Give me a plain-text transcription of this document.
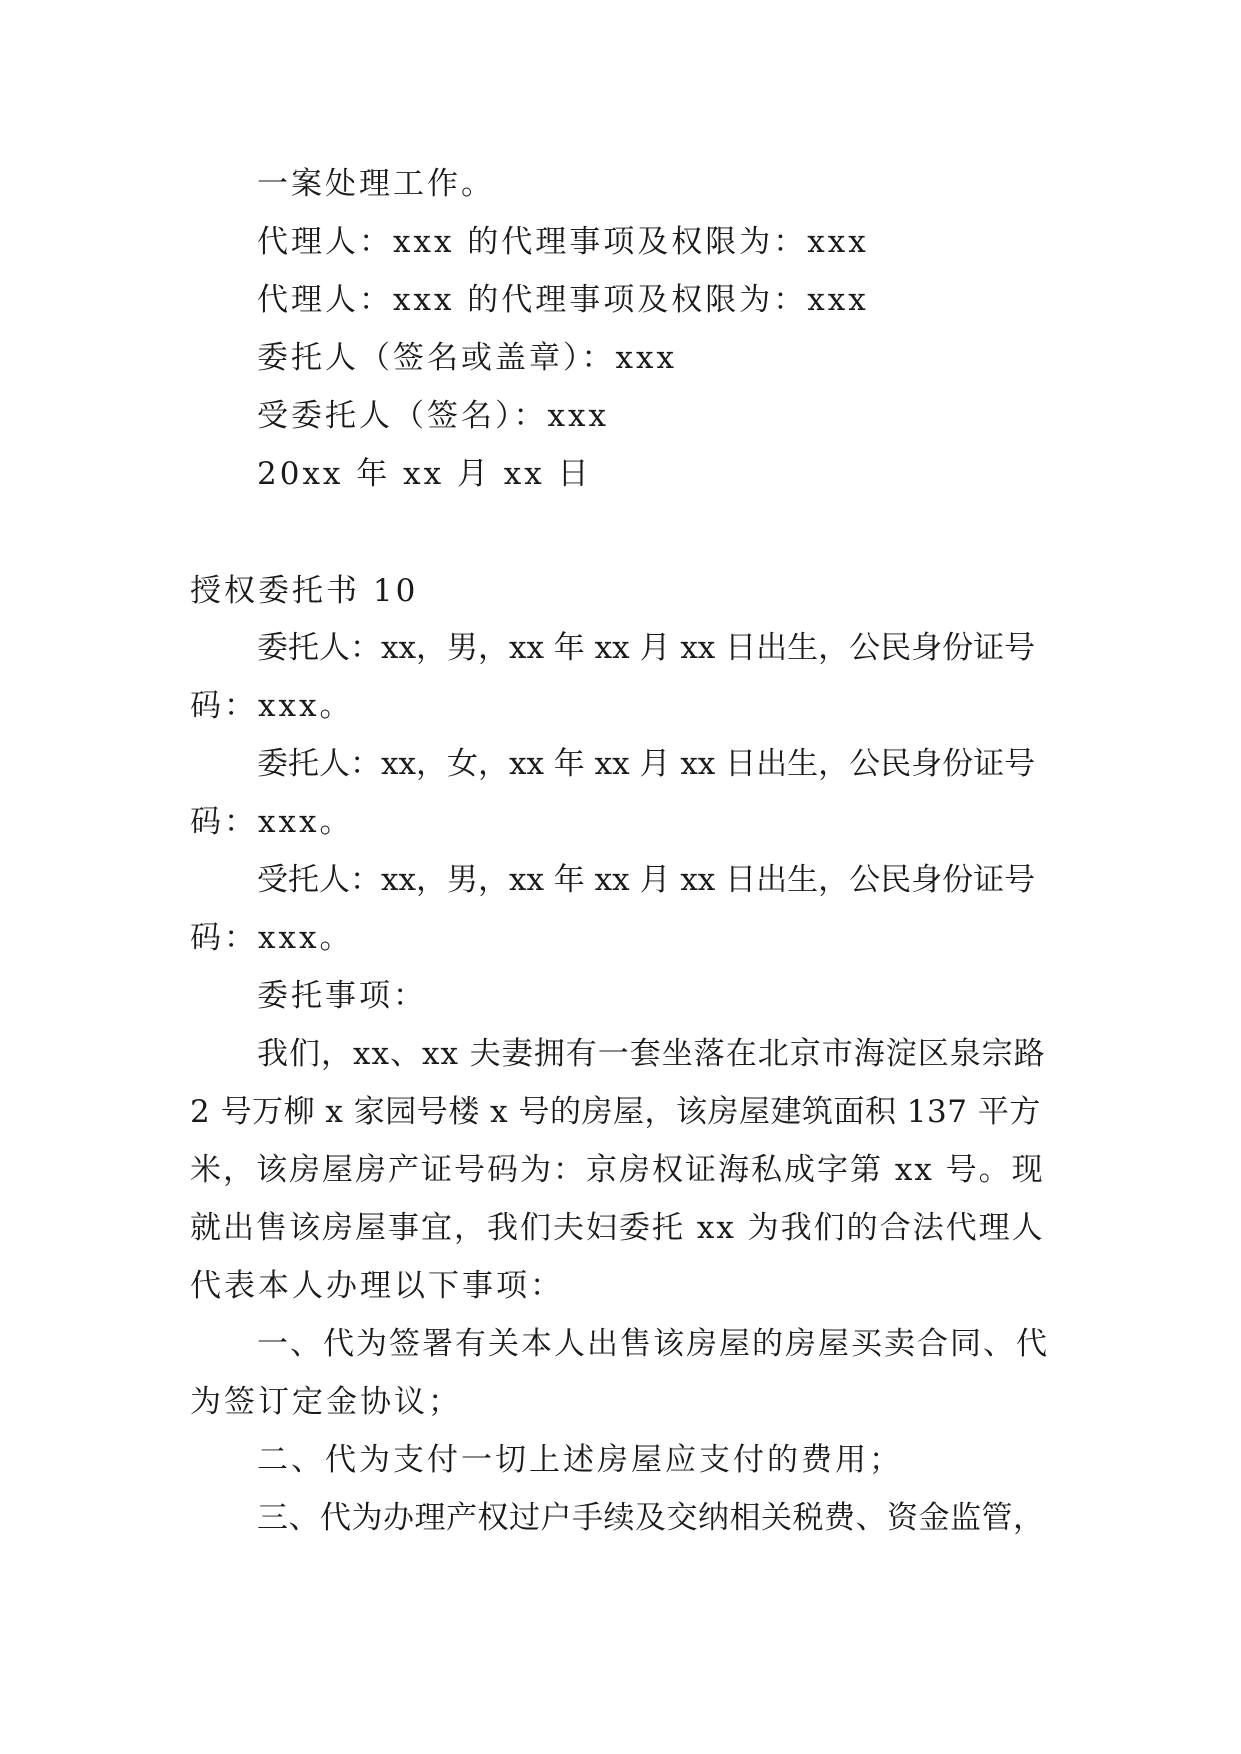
一案处理工作。
代理人：xxx 的代理事项及权限为：xxx
代理人：xxx 的代理事项及权限为：xxx
委托人（签名或盖章）：xxx
受委托人（签名）：xxx
20xx 年 xx 月 xx 日
授权委托书 10
委托人：xx，男，xx 年 xx 月 xx 日出生，公民身份证号
码：xxx。
委托人：xx，女，xx 年 xx 月 xx 日出生，公民身份证号
码：xxx。
受托人：xx，男，xx 年 xx 月 xx 日出生，公民身份证号
码：xxx。
委托事项：
我们，xx、xx 夫妻拥有一套坐落在北京市海淀区泉宗路
2 号万柳 x 家园号楼 x 号的房屋，该房屋建筑面积 137 平方
米，该房屋房产证号码为：京房权证海私成字第 xx 号。现
就出售该房屋事宜，我们夫妇委托 xx 为我们的合法代理人
代表本人办理以下事项：
一、代为签署有关本人出售该房屋的房屋买卖合同、代
为签订定金协议；
二、代为支付一切上述房屋应支付的费用；
三、代为办理产权过户手续及交纳相关税费、资金监管，
